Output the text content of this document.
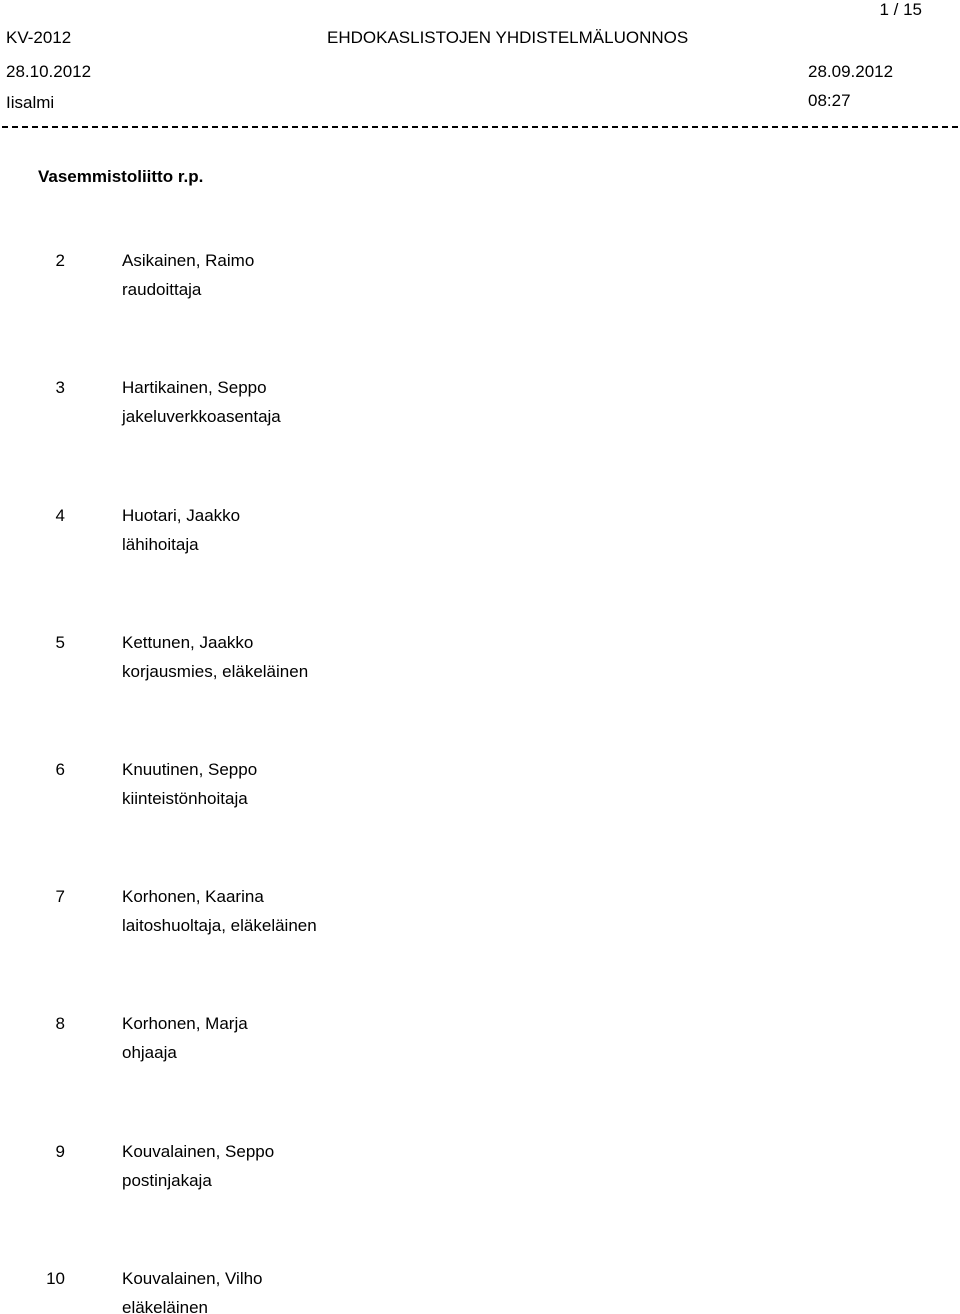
1 / 15
KV-2012	EHDOKASLISTOJEN YHDISTELMÄLUONNOS
28.10.2012	28.09.2012
Iisalmi	08:27
Vasemmistoliitto r.p.
2	Asikainen, Raimo
raudoittaja
3	Hartikainen, Seppo
jakeluverkkoasentaja
4	Huotari, Jaakko
lähihoitaja
5	Kettunen, Jaakko
korjausmies, eläkeläinen
6	Knuutinen, Seppo
kiinteistönhoitaja
7	Korhonen, Kaarina
laitoshuoltaja, eläkeläinen
8	Korhonen, Marja
ohjaaja
9	Kouvalainen, Seppo
postinjakaja
10	Kouvalainen, Vilho
eläkeläinen
